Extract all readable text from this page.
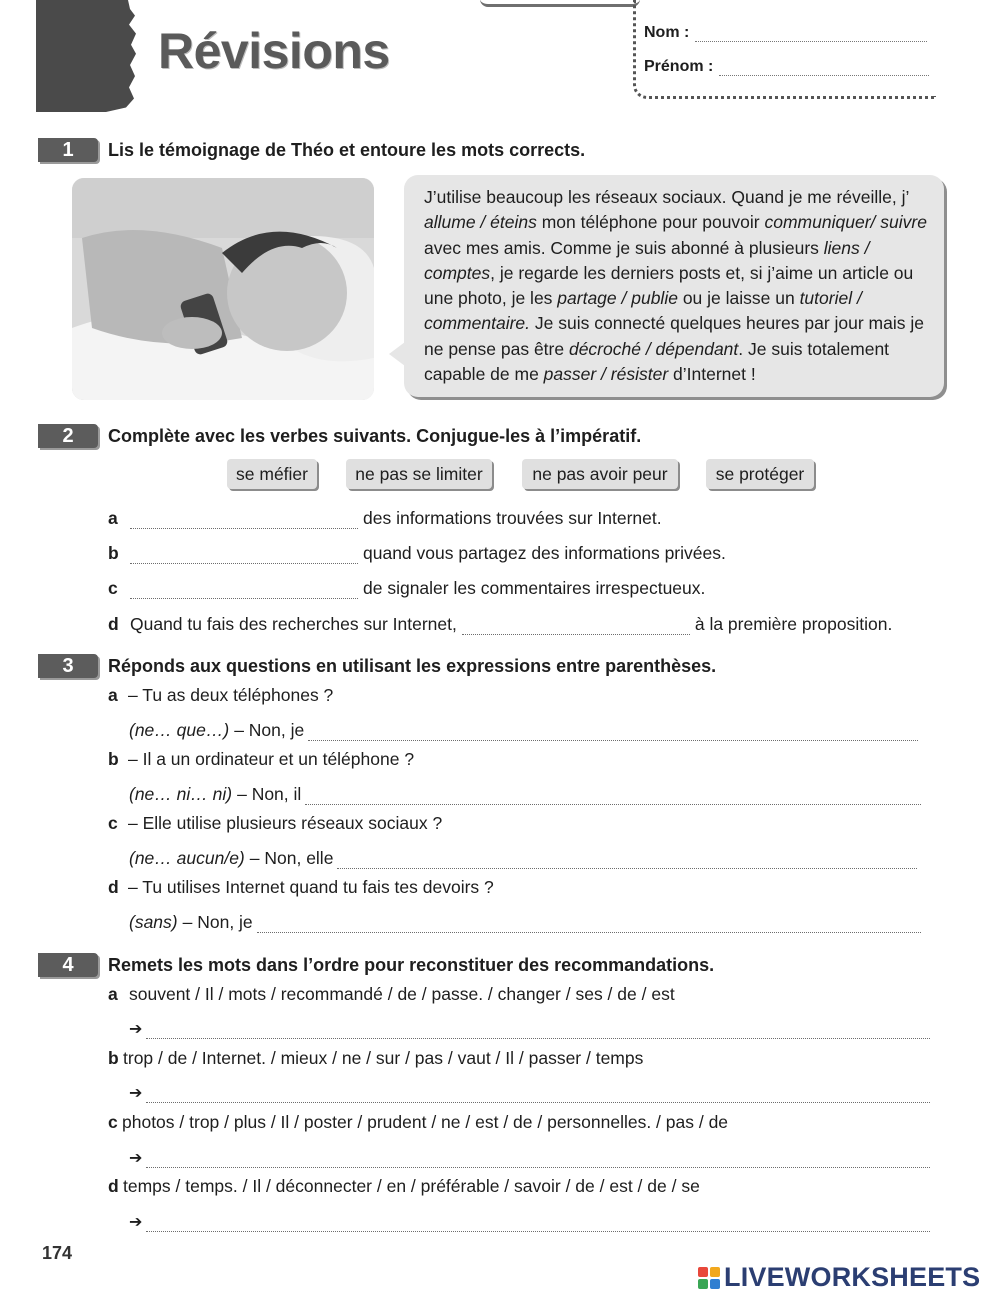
Révisions	Nom :
Prénom :
1	Lis le témoignage de Théo et entoure les mots corrects.
J’utilise beaucoup les réseaux sociaux. Quand je me réveille, j’ allume / éteins mon téléphone pour pouvoir communiquer/ suivre avec mes amis. Comme je suis abonné à plusieurs liens / comptes, je regarde les derniers posts et, si j’aime un article ou une photo, je les partage / publie ou je laisse un tutoriel / commentaire. Je suis connecté quelques heures par jour mais je ne pense pas être décroché / dépendant. Je suis totalement capable de me passer / résister d’Internet !
2	Complète avec les verbes suivants. Conjugue-les à l’impératif.
se méfier	ne pas se limiter	ne pas avoir peur	se protéger
a	des informations trouvées sur Internet.
b	quand vous partagez des informations privées.
c	de signaler les commentaires irrespectueux.
d Quand tu fais des recherches sur Internet,	à la première proposition.
3	Réponds aux questions en utilisant les expressions entre parenthèses.
a – Tu as deux téléphones ?
(ne… que…) – Non, je
b – Il a un ordinateur et un téléphone ?
(ne… ni… ni) – Non, il
c – Elle utilise plusieurs réseaux sociaux ?
(ne… aucun/e) – Non, elle
d – Tu utilises Internet quand tu fais tes devoirs ?
(sans) – Non, je
4	Remets les mots dans l’ordre pour reconstituer des recommandations.
a souvent / Il / mots / recommandé / de / passe. / changer / ses / de / est
➔
b trop / de / Internet. / mieux / ne / sur / pas / vaut / Il / passer / temps
➔
c photos / trop / plus / Il / poster / prudent / ne / est / de / personnelles. / pas / de
➔
d temps / temps. / Il / déconnecter / en / préférable / savoir / de / est / de / se
➔
174
LIVEWORKSHEETS
